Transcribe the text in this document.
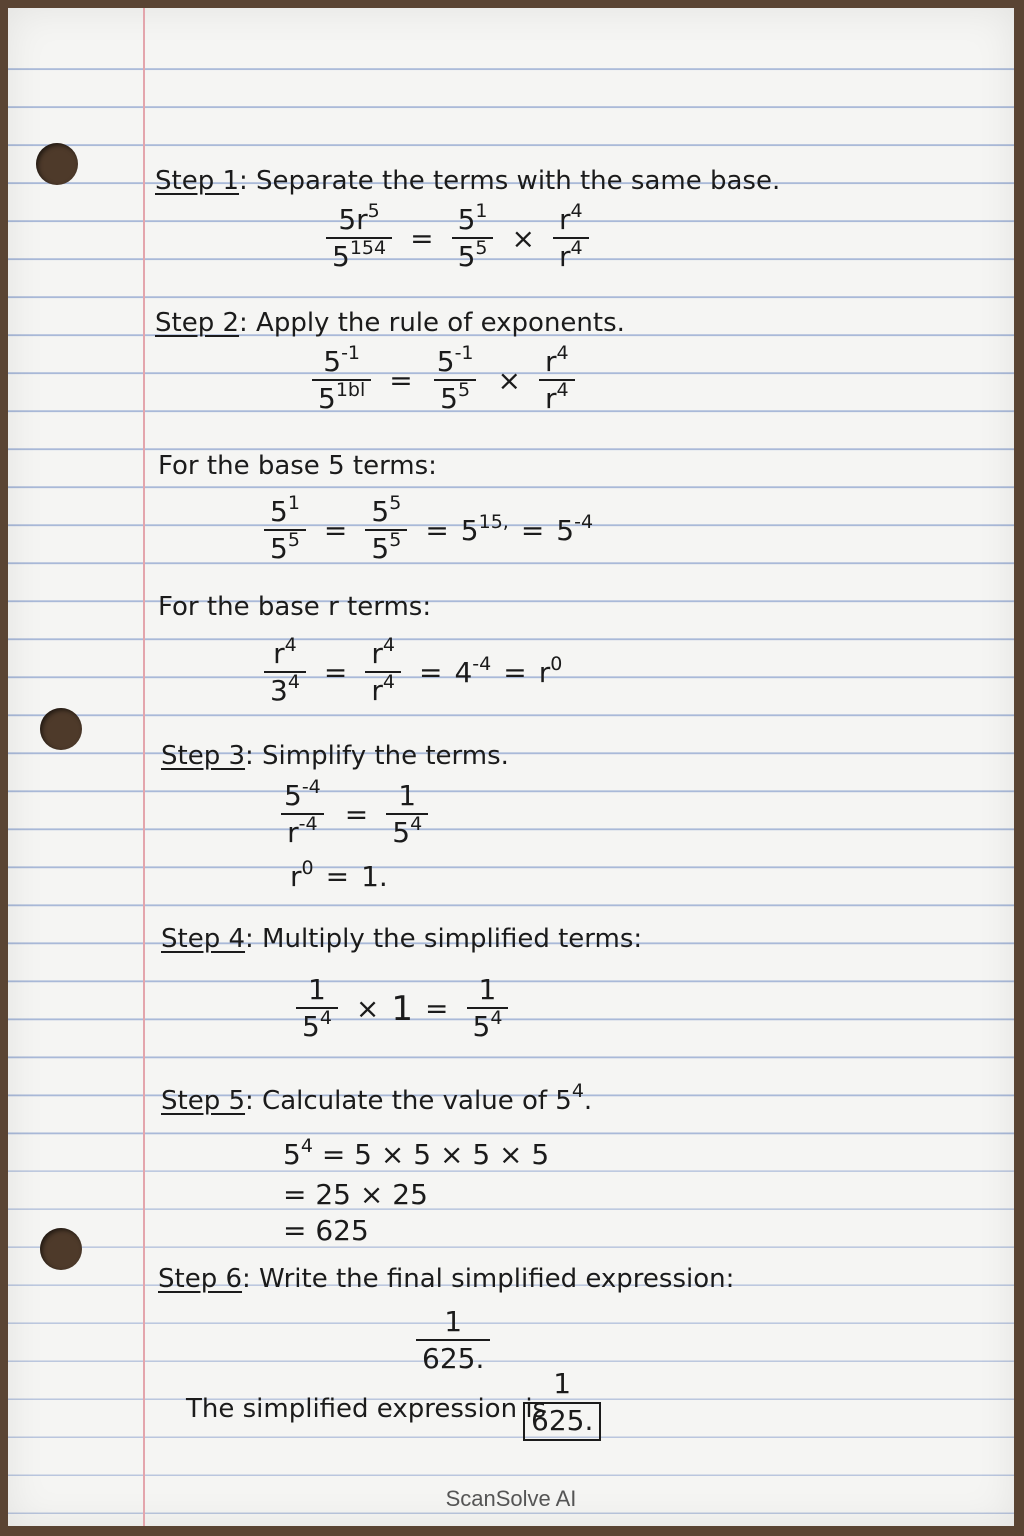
Step 1: Separate the terms with the same base.
$\frac{5r^5}{5^{154}} = \frac{5^1}{5^5} \times \frac{r^4}{r^4}$
Step 2: Apply the rule of exponents.
$\frac{5^{-1}}{5^{1bl}} = \frac{5^{-1}}{5^5} \times \frac{r^4}{r^4}$
For the base 5 terms:
$\frac{5^1}{5^5} = \frac{5^5}{5^5} = 5^{15,} = 5^{-4}$
For the base r terms:
$\frac{r^4}{3^4} = \frac{r^4}{r^4} = 4^{-4} = r^0$
Step 3: Simplify the terms.
$\frac{5^{-4}}{r^{-4}} = \frac{1}{5^4}$
$r^0 = 1$.
Step 4: Multiply the simplified terms:
$\frac{1}{5^4} \times 1 = \frac{1}{5^4}$
Step 5: Calculate the value of $5^4$.
$5^4 = 5 \times 5 \times 5 \times 5$
= 25 × 25
= 625
Step 6: Write the final simplified expression:
$\frac{1}{625.}$
The simplified expression is
1
625.
ScanSolve AI
